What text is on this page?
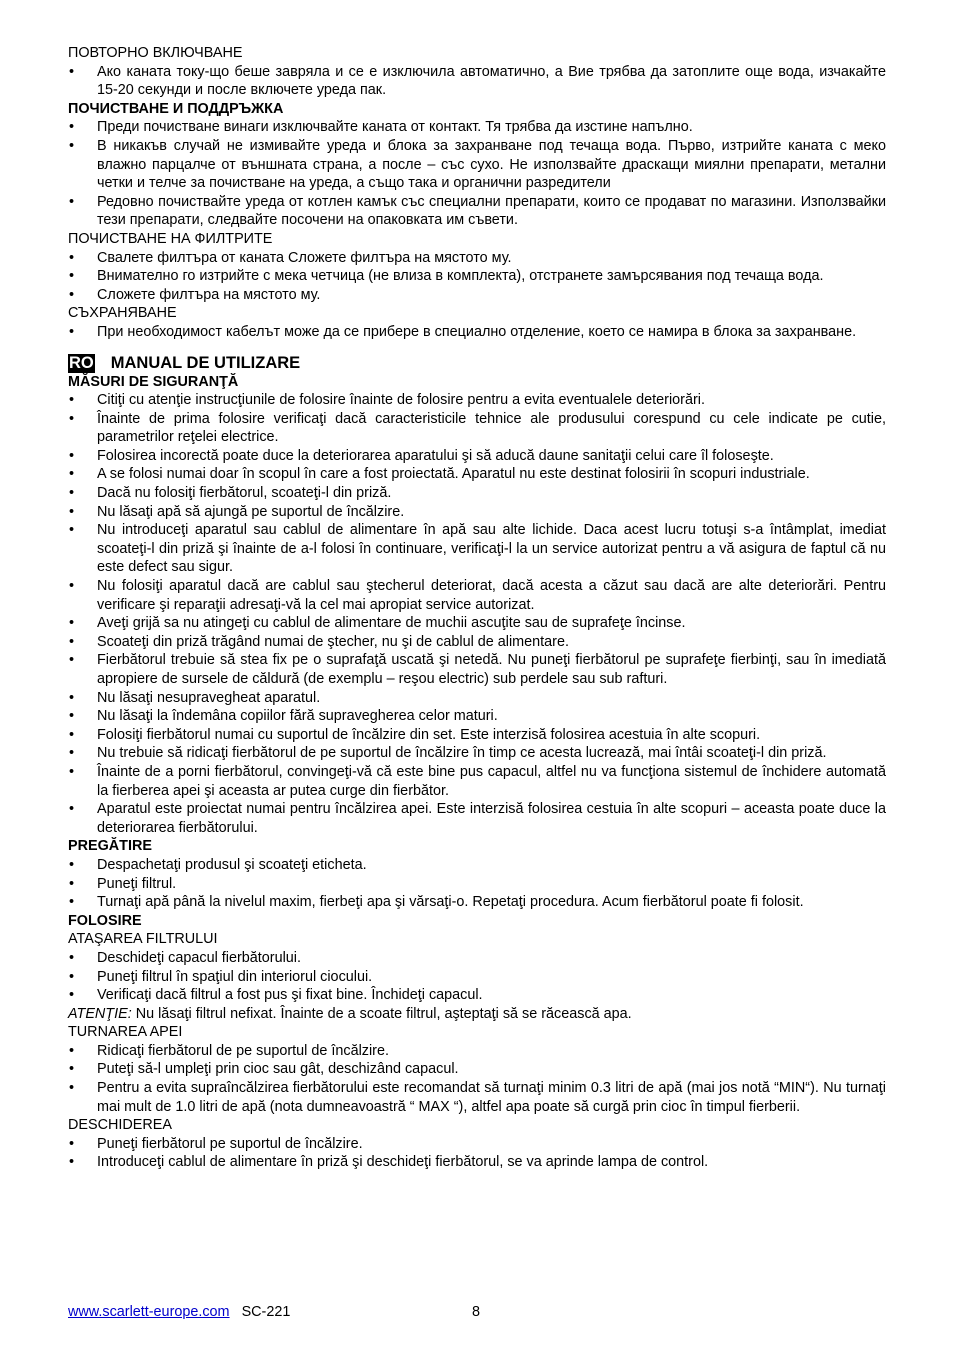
ПОВТОРНО ВКЛЮЧВАНЕ

• Ако каната току-що беше завряла и се е изключила автоматично, а Вие трябва да затоплите още вода, изчакайте 15-20 секунди и после включете уреда пак.

ПОЧИСТВАНЕ И ПОДДРЪЖКА

• Преди почистване винаги изключвайте каната от контакт. Тя трябва да изстине напълно.
• В никакъв случай не измивайте уреда и блока за захранване под течаща вода. Първо, изтрийте каната с меко влажно парцалче от външната страна, а после – със сухо. Не използвайте драскащи миялни препарати, метални четки и телче за почистване на уреда, а също така и органични разредители
• Редовно почиствайте уреда от котлен камък със специални препарати, които се продават по магазини. Използвайки тези препарати, следвайте посочени на опаковката им съвети.

ПОЧИСТВАНЕ НА ФИЛТРИТЕ

• Свалете филтъра от каната Сложете филтъра на мястото му.
• Внимателно го изтрийте с мека четчица (не влиза в комплекта), отстранете замърсявания под течаща вода.
• Сложете филтъра на мястото му.

СЪХРАНЯВАНЕ

• При необходимост кабелът може да се прибере в специално отделение, което се намира в блока за захранване.
RO MANUAL DE UTILIZARE

MĂSURI DE SIGURANŢĂ

• Citiţi cu atenţie instrucţiunile de folosire înainte de folosire pentru a evita eventualele deteriorări.
• Înainte de prima folosire verificaţi dacă caracteristicile tehnice ale produsului corespund cu cele indicate pe cutie, parametrilor reţelei electrice.
• Folosirea incorectă poate duce la deteriorarea aparatului şi să aducă daune sanitaţii celui care îl foloseşte.
• A se folosi numai doar în scopul în care a fost proiectată. Aparatul nu este destinat folosirii în scopuri industriale.
• Dacă nu folosiţi fierbătorul, scoateţi-l din priză.
• Nu lăsaţi apă să ajungă pe suportul de încălzire.
• Nu introduceţi aparatul sau cablul de alimentare în apă sau alte lichide. Daca acest lucru totuşi s-a întâmplat, imediat scoateţi-l din priză şi înainte de a-l folosi în continuare, verificaţi-l la un service autorizat pentru a vă asigura de faptul că nu este defect sau sigur.
• Nu folosiţi aparatul dacă are cablul sau ştecherul deteriorat, dacă acesta a căzut sau dacă are alte deteriorări. Pentru verificare şi reparaţii adresaţi-vă la cel mai apropiat service autorizat.
• Aveţi grijă sa nu atingeţi cu cablul de alimentare de muchii ascuţite sau de suprafeţe încinse.
• Scoateţi din priză trăgând numai de ştecher, nu şi de cablul de alimentare.
• Fierbătorul trebuie să stea fix pe o suprafaţă uscată şi netedă. Nu puneţi fierbătorul pe suprafeţe fierbinţi, sau în imediată apropiere de sursele de căldură (de exemplu – reşou electric) sub perdele sau sub rafturi.
• Nu lăsaţi nesupravegheat aparatul.
• Nu lăsaţi la îndemâna copiilor fără supravegherea celor maturi.
• Folosiţi fierbătorul numai cu suportul de încălzire din set. Este interzisă folosirea acestuia în alte scopuri.
• Nu trebuie să ridicaţi fierbătorul de pe suportul de încălzire în timp ce acesta lucrează, mai întâi scoateţi-l din priză.
• Înainte de a porni fierbătorul, convingeţi-vă că este bine pus capacul, altfel nu va funcţiona sistemul de închidere automată la fierberea apei şi aceasta ar putea curge din fierbător.
• Aparatul este proiectat numai pentru încălzirea apei. Este interzisă folosirea cestuia în alte scopuri – aceasta poate duce la deteriorarea fierbătorului.

PREGĂTIRE

• Despachetaţi produsul şi scoateţi eticheta.
• Puneţi filtrul.
• Turnaţi apă până la nivelul maxim, fierbeţi apa şi vărsaţi-o. Repetaţi procedura. Acum fierbătorul poate fi folosit.

FOLOSIRE

ATAŞAREA FILTRULUI

• Deschideţi capacul fierbătorului.
• Puneţi filtrul în spaţiul din interiorul ciocului.
• Verificaţi dacă filtrul a fost pus şi fixat bine. Închideţi capacul.

ATENŢIE: Nu lăsaţi filtrul nefixat. Înainte de a scoate filtrul, aşteptaţi să se răcească apa.

TURNAREA APEI

• Ridicaţi fierbătorul de pe suportul de încălzire.
• Puteţi să-l umpleţi prin cioc sau gât, deschizând capacul.
• Pentru a evita supraîncălzirea fierbătorului este recomandat să turnaţi minim 0.3 litri de apă (mai jos notă “MIN“). Nu turnaţi mai mult de 1.0 litri de apă (nota dumneavoastră “ MAX “), altfel apa poate să curgă prin cioc în timpul fierberii.

DESCHIDEREA

• Puneţi fierbătorul pe suportul de încălzire.
• Introduceţi cablul de alimentare în priză şi deschideţi fierbătorul, se va aprinde lampa de control.
www.scarlett-europe.com SC-221	8
